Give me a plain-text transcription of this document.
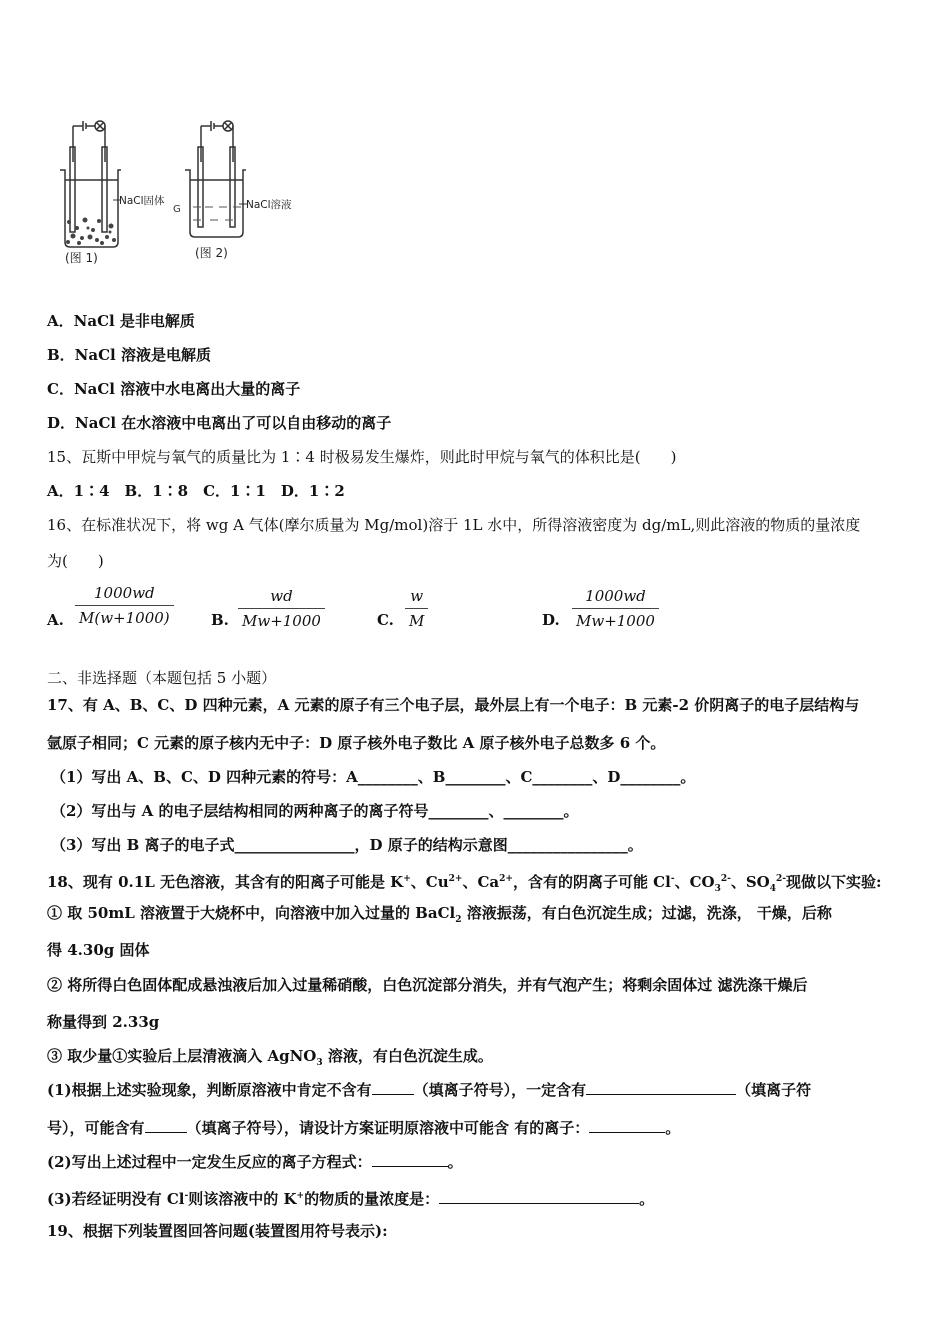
NaCl固体
G	NaCl溶液
(图 1)	(图 2)
A．NaCl 是非电解质
B．NaCl 溶液是电解质
C．NaCl 溶液中水电离出大量的离子
D．NaCl 在水溶液中电离出了可以自由移动的离子
15、瓦斯中甲烷与氧气的质量比为 1∶4 时极易发生爆炸，则此时甲烷与氧气的体积比是(　　)
A．1∶4　B．1∶8　C．1∶1　D．1∶2
16、在标准状况下，将 wg A 气体(摩尔质量为 Mg/mol)溶于 1L 水中，所得溶液密度为 dg/mL,则此溶液的物质的量浓度
为(　　)
A. $\frac{1000wd}{M(w+1000)} B$. $\frac{wd}{Mw+1000}$	C. $\frac{w}{M}$	D. $\frac{1000wd}{Mw+1000}$
二、非选择题（本题包括 5 小题）
17、有 A、B、C、D 四种元素，A 元素的原子有三个电子层，最外层上有一个电子：B 元素-2 价阴离子的电子层结构与
氩原子相同；C 元素的原子核内无中子：D 原子核外电子数比 A 原子核外电子总数多 6 个。
（1）写出 A、B、C、D 四种元素的符号：A________、B________、C________、D________。
（2）写出与 A 的电子层结构相同的两种离子的离子符号________、________。
（3）写出 B 离子的电子式________________，D 原子的结构示意图________________。
18、现有 0.1L 无色溶液，其含有的阳离子可能是 K+、$Cu^{2+}$、$Ca^{2+}$，含有的阴离子可能 Cl-、$CO_3^{2-}$、$SO_4^{2-}$现做以下实验:
① 取 50mL 溶液置于大烧杯中，向溶液中加入过量的 BaCl$_2$ 溶液振荡，有白色沉淀生成；过滤，洗涤， 干燥，后称
得 4.30g 固体
② 将所得白色固体配成悬浊液后加入过量稀硝酸，白色沉淀部分消失，并有气泡产生；将剩余固体过 滤洗涤干燥后
称量得到 2.33g
③ 取少量①实验后上层清液滴入 AgNO$_3$ 溶液，有白色沉淀生成。
(1)根据上述实验现象，判断原溶液中肯定不含有	（填离子符号），一定含有	（填离子符
号），可能含有	（填离子符号），请设计方案证明原溶液中可能含 有的离子：	。
(2)写出上述过程中一定发生反应的离子方程式：	。
(3)若经证明没有 Cl-则该溶液中的 K+的物质的量浓度是：	。
19、根据下列装置图回答问题(装置图用符号表示):
